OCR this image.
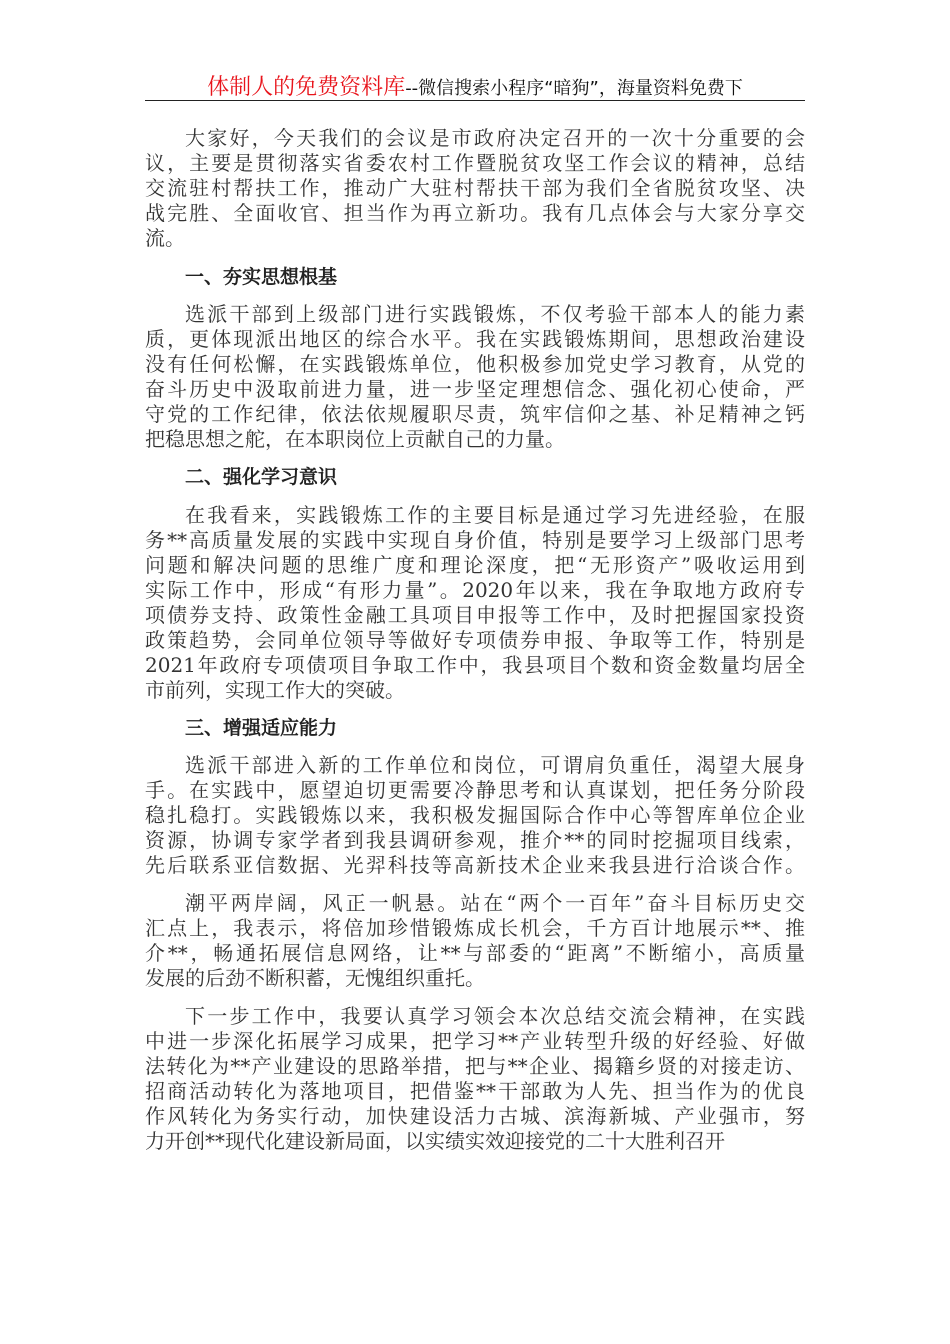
体制人的免费资料库--微信搜索小程序“暗狗”，海量资料免费下
大家好，今天我们的会议是市政府决定召开的一次十分重要的会
议，主要是贯彻落实省委农村工作暨脱贫攻坚工作会议的精神，总结
交流驻村帮扶工作，推动广大驻村帮扶干部为我们全省脱贫攻坚、决
战完胜、全面收官、担当作为再立新功。我有几点体会与大家分享交
流。
一、夯实思想根基
选派干部到上级部门进行实践锻炼，不仅考验干部本人的能力素
质，更体现派出地区的综合水平。我在实践锻炼期间，思想政治建设
没有任何松懈，在实践锻炼单位，他积极参加党史学习教育，从党的
奋斗历史中汲取前进力量，进一步坚定理想信念、强化初心使命，严
守党的工作纪律，依法依规履职尽责，筑牢信仰之基、补足精神之钙
把稳思想之舵，在本职岗位上贡献自己的力量。
二、强化学习意识
在我看来，实践锻炼工作的主要目标是通过学习先进经验，在服
务**高质量发展的实践中实现自身价值，特别是要学习上级部门思考
问题和解决问题的思维广度和理论深度，把“无形资产”吸收运用到
实际工作中，形成“有形力量”。2020年以来，我在争取地方政府专
项债券支持、政策性金融工具项目申报等工作中，及时把握国家投资
政策趋势，会同单位领导等做好专项债券申报、争取等工作，特别是
2021年政府专项债项目争取工作中，我县项目个数和资金数量均居全
市前列，实现工作大的突破。
三、增强适应能力
选派干部进入新的工作单位和岗位，可谓肩负重任，渴望大展身
手。在实践中，愿望迫切更需要冷静思考和认真谋划，把任务分阶段
稳扎稳打。实践锻炼以来，我积极发掘国际合作中心等智库单位企业
资源，协调专家学者到我县调研参观，推介**的同时挖掘项目线索，
先后联系亚信数据、光羿科技等高新技术企业来我县进行洽谈合作。
潮平两岸阔，风正一帆悬。站在“两个一百年”奋斗目标历史交
汇点上，我表示，将倍加珍惜锻炼成长机会，千方百计地展示**、推
介**，畅通拓展信息网络，让**与部委的“距离”不断缩小，高质量
发展的后劲不断积蓄，无愧组织重托。
下一步工作中，我要认真学习领会本次总结交流会精神，在实践
中进一步深化拓展学习成果，把学习**产业转型升级的好经验、好做
法转化为**产业建设的思路举措，把与**企业、揭籍乡贤的对接走访、
招商活动转化为落地项目，把借鉴**干部敢为人先、担当作为的优良
作风转化为务实行动，加快建设活力古城、滨海新城、产业强市，努
力开创**现代化建设新局面，以实绩实效迎接党的二十大胜利召开
